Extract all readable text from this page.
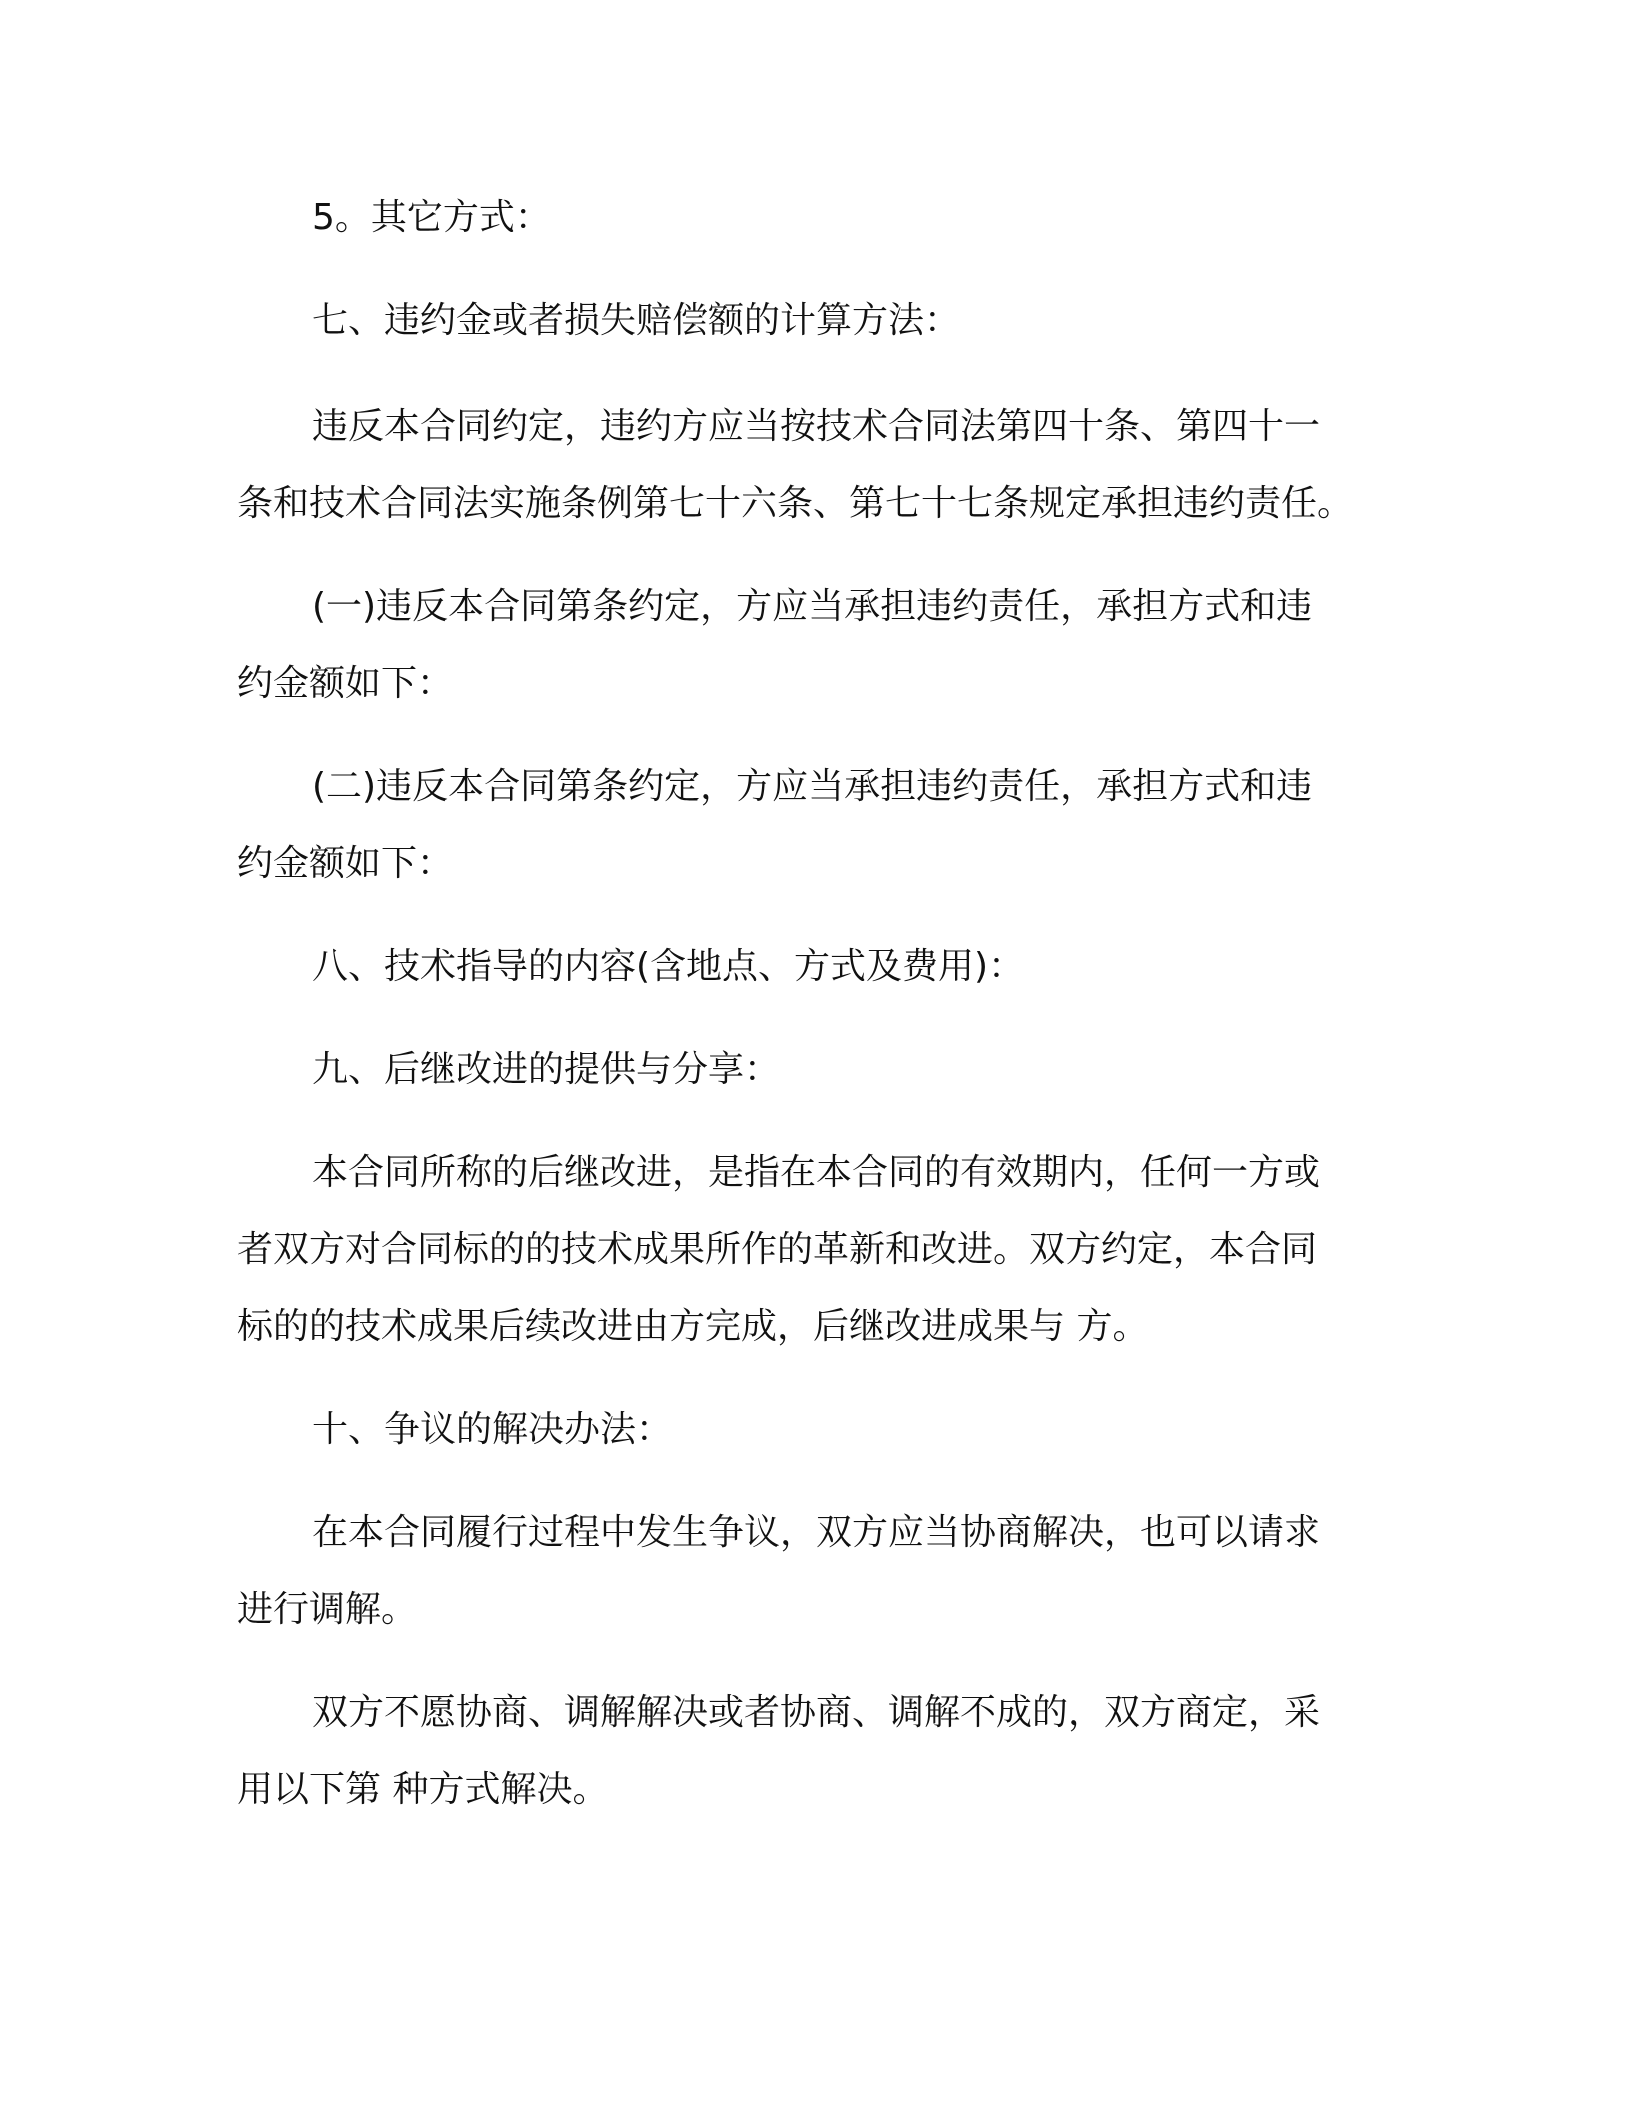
5。其它方式：
七、违约金或者损失赔偿额的计算方法：
违反本合同约定，违约方应当按技术合同法第四十条、第四十一
条和技术合同法实施条例第七十六条、第七十七条规定承担违约责任。
(一)违反本合同第条约定，方应当承担违约责任，承担方式和违
约金额如下：
(二)违反本合同第条约定，方应当承担违约责任，承担方式和违
约金额如下：
八、技术指导的内容(含地点、方式及费用)：
九、后继改进的提供与分享：
本合同所称的后继改进，是指在本合同的有效期内，任何一方或
者双方对合同标的的技术成果所作的革新和改进。双方约定，本合同
标的的技术成果后续改进由方完成，后继改进成果与 方。
十、争议的解决办法：
在本合同履行过程中发生争议，双方应当协商解决，也可以请求
进行调解。
双方不愿协商、调解解决或者协商、调解不成的，双方商定，采
用以下第 种方式解决。
